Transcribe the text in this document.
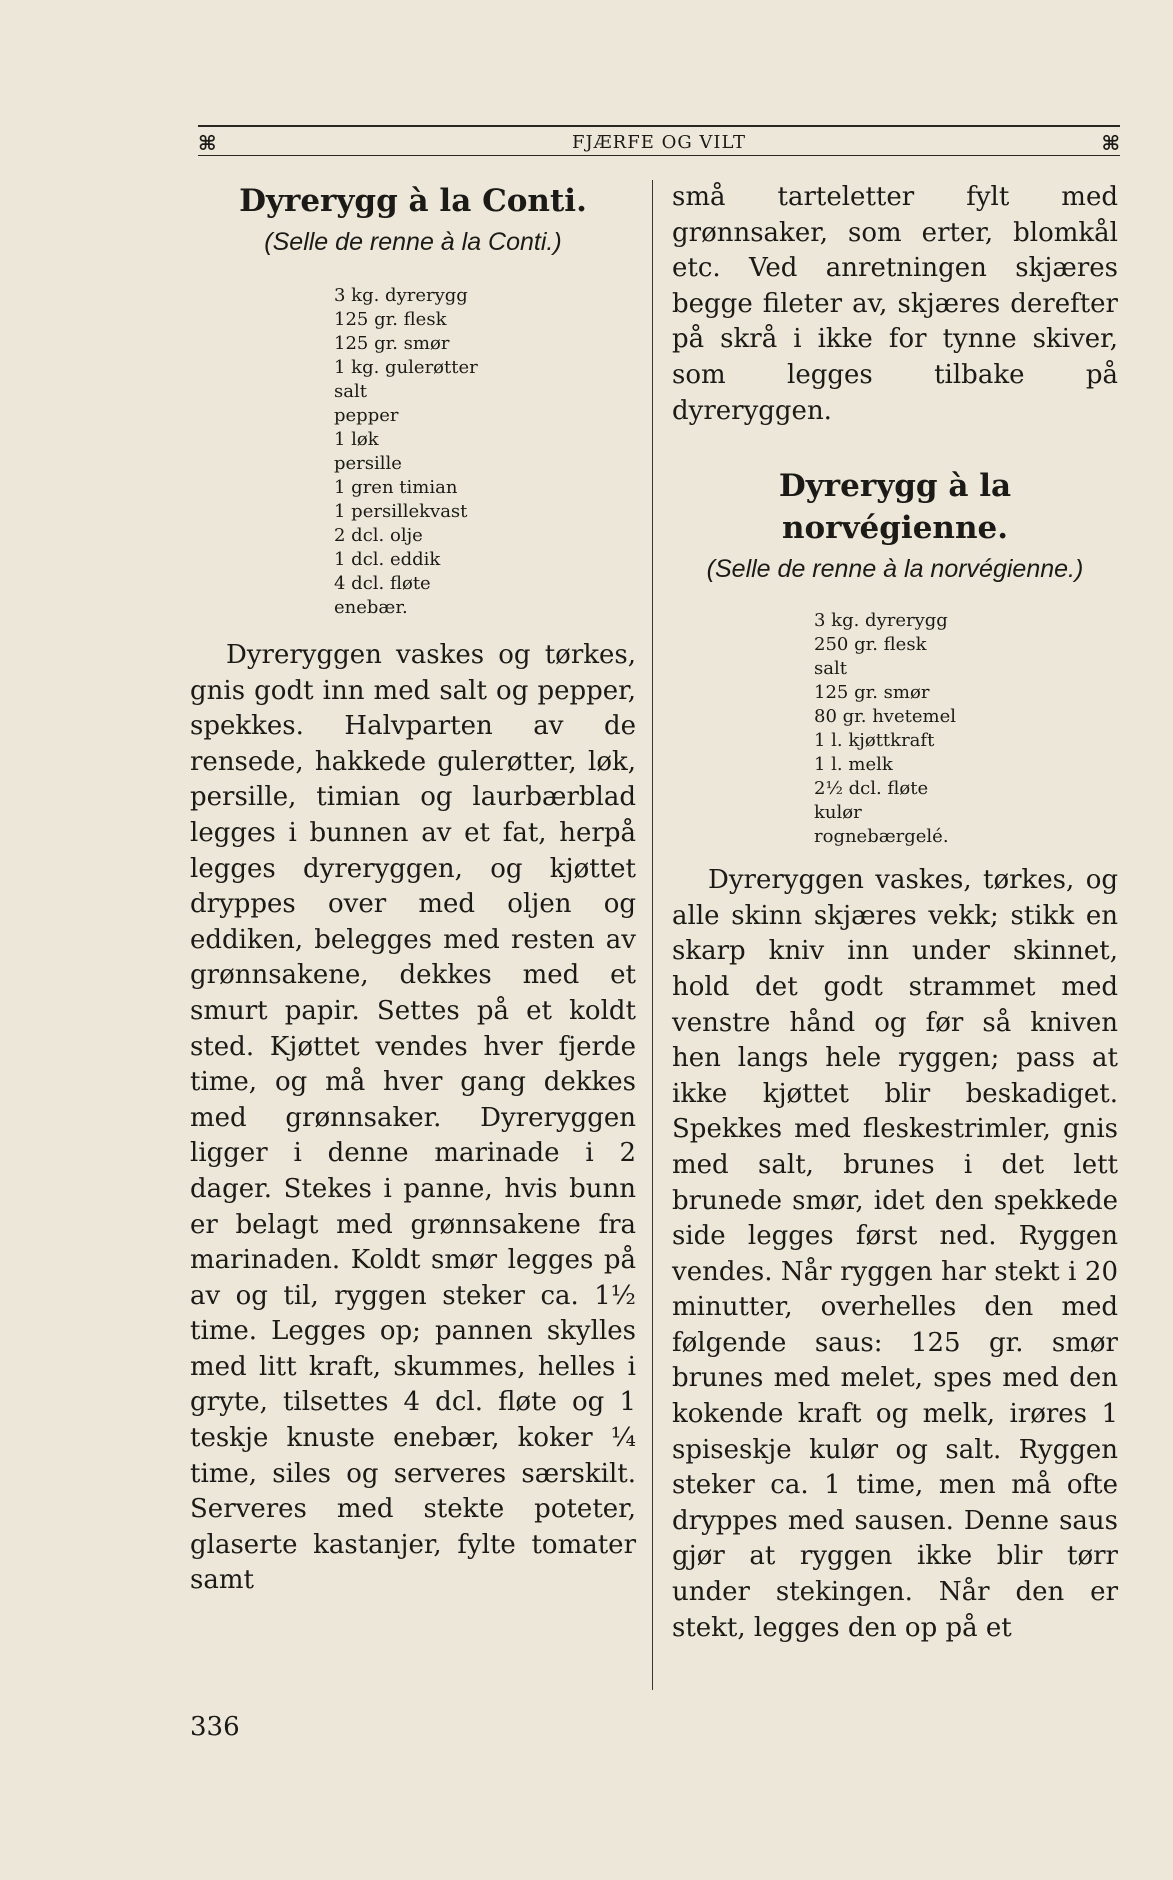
⌘	FJÆRFE OG VILT	⌘
Dyrerygg à la Conti.

(Selle de renne à la Conti.)

3 kg. dyrerygg
125 gr. flesk
125 gr. smør
1 kg. gulerøtter
salt
pepper
1 løk
persille
1 gren timian
1 persillekvast
2 dcl. olje
1 dcl. eddik
4 dcl. fløte
enebær.

Dyreryggen vaskes og tørkes, gnis godt inn med salt og pepper, spekkes. Halvparten av de rensede, hakkede gulerøtter, løk, persille, timian og laurbærblad legges i bunnen av et fat, herpå legges dyreryggen, og kjøttet dryppes over med oljen og eddiken, belegges med resten av grønnsakene, dekkes med et smurt papir. Settes på et koldt sted. Kjøttet vendes hver fjerde time, og må hver gang dekkes med grønnsaker. Dyreryggen ligger i denne marinade i 2 dager. Stekes i panne, hvis bunn er belagt med grønnsakene fra marinaden. Koldt smør legges på av og til, ryggen steker ca. 1½ time. Legges op; pannen skylles med litt kraft, skummes, helles i gryte, tilsettes 4 dcl. fløte og 1 teskje knuste enebær, koker ¼ time, siles og serveres særskilt. Serveres med stekte poteter, glaserte kastanjer, fylte tomater samt

små tarteletter fylt med grønnsaker, som erter, blomkål etc. Ved anretningen skjæres begge fileter av, skjæres derefter på skrå i ikke for tynne skiver, som legges tilbake på dyreryggen.

Dyrerygg à la norvégienne.

(Selle de renne à la norvégienne.)

3 kg. dyrerygg
250 gr. flesk
salt
125 gr. smør
80 gr. hvetemel
1 l. kjøttkraft
1 l. melk
2½ dcl. fløte
kulør
rognebærgelé.

Dyreryggen vaskes, tørkes, og alle skinn skjæres vekk; stikk en skarp kniv inn under skinnet, hold det godt strammet med venstre hånd og før så kniven hen langs hele ryggen; pass at ikke kjøttet blir beskadiget. Spekkes med fleskestrimler, gnis med salt, brunes i det lett brunede smør, idet den spekkede side legges først ned. Ryggen vendes. Når ryggen har stekt i 20 minutter, overhelles den med følgende saus: 125 gr. smør brunes med melet, spes med den kokende kraft og melk, irøres 1 spiseskje kulør og salt. Ryggen steker ca. 1 time, men må ofte dryppes med sausen. Denne saus gjør at ryggen ikke blir tørr under stekingen. Når den er stekt, legges den op på et

336
